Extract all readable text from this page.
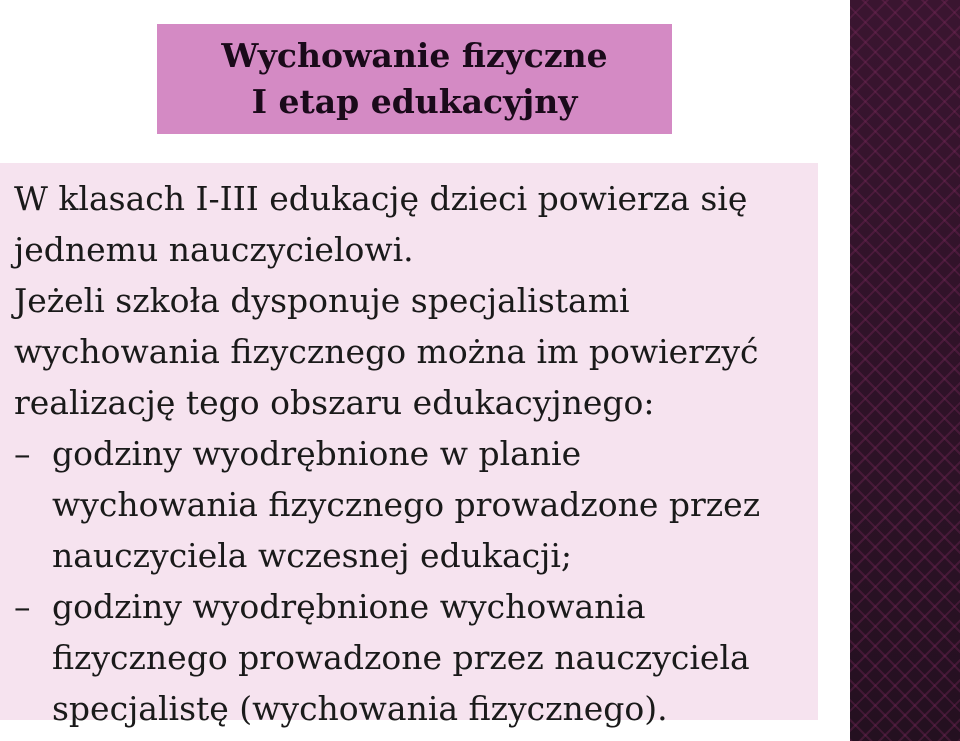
Wychowanie fizyczne
I etap edukacyjny

W klasach I-III edukację dzieci powierza się

jednemu nauczycielowi.

Jeżeli szkoła dysponuje specjalistami

wychowania fizycznego można im powierzyć

realizację tego obszaru edukacyjnego:

– godziny wyodrębnione w planie
wychowania fizycznego prowadzone przez
nauczyciela wczesnej edukacji;
– godziny wyodrębnione wychowania
fizycznego prowadzone przez nauczyciela
specjalistę (wychowania fizycznego).
